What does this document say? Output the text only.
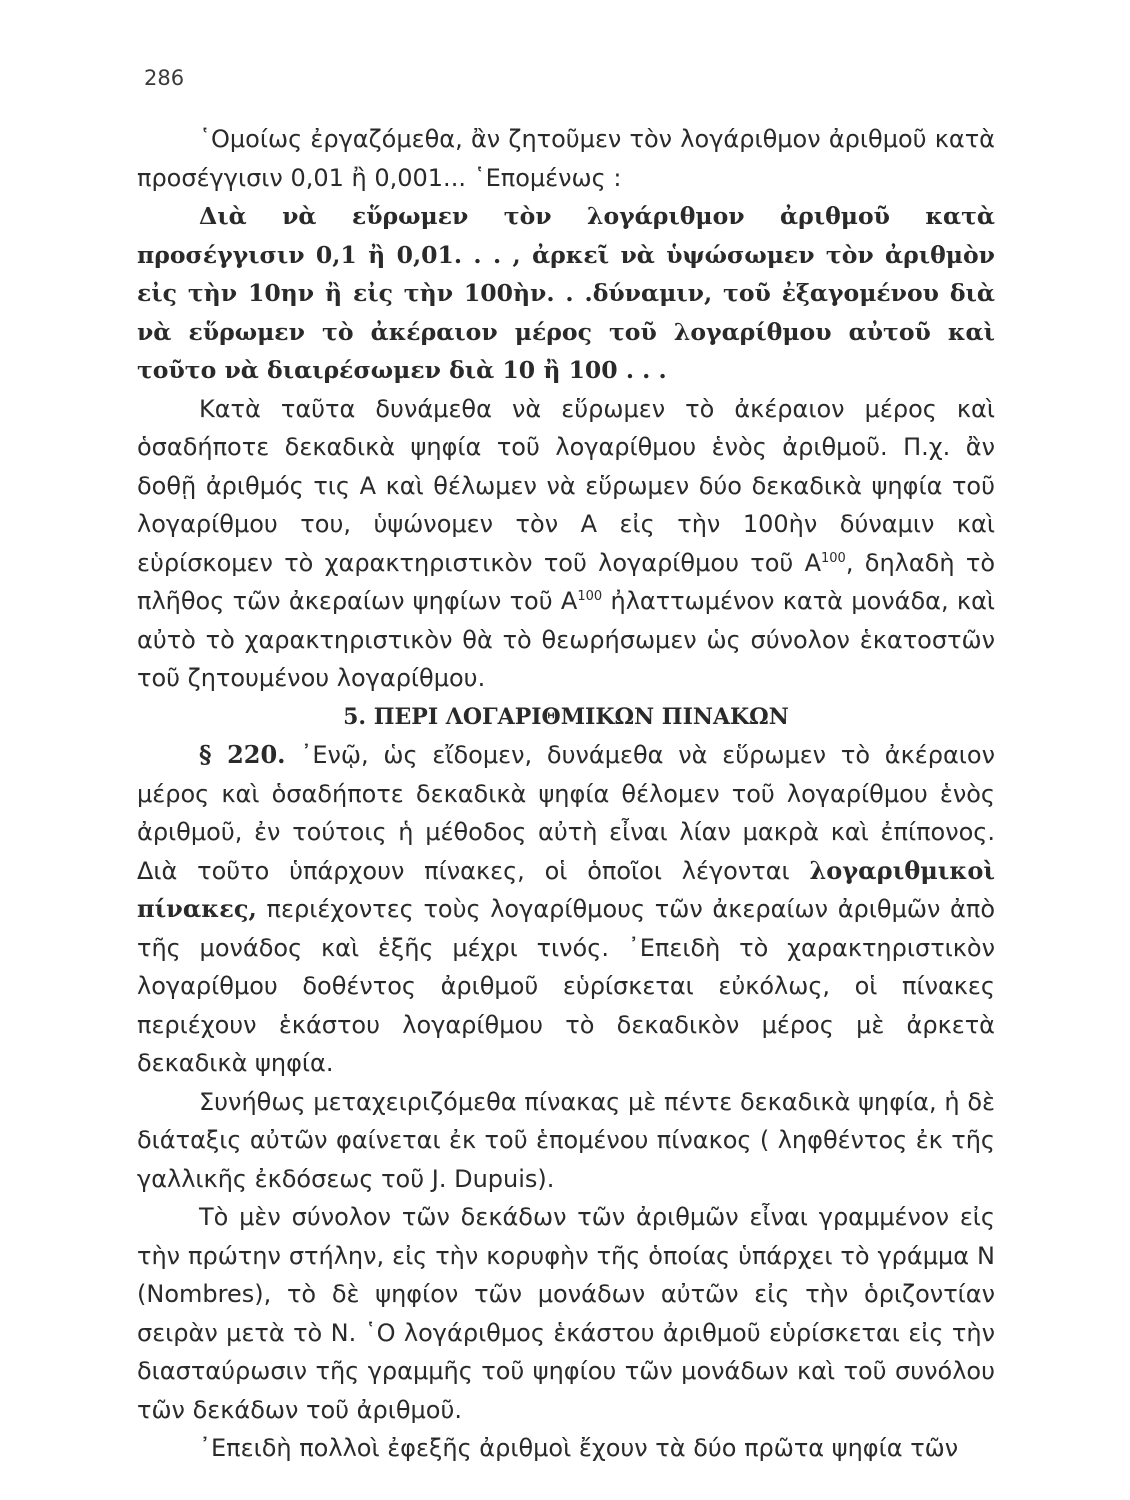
286

῾Ομοίως ἐργαζόμεθα, ἂν ζητοῦμεν τὸν λογάριθμον ἀριθμοῦ κατὰ προσέγγισιν 0,01 ἢ 0,001... ῾Επομένως :

Διὰ νὰ εὕρωμεν τὸν λογάριθμον ἀριθμοῦ κατὰ προσέγγισιν 0,1 ἢ 0,01. . . , ἀρκεῖ νὰ ὑψώσωμεν τὸν ἀριθμὸν εἰς τὴν 10ην ἢ εἰς τὴν 100ὴν. . .δύναμιν, τοῦ ἐξαγομένου διὰ νὰ εὕρωμεν τὸ ἀκέραιον μέρος τοῦ λογαρίθμου αὐτοῦ καὶ τοῦτο νὰ διαιρέσωμεν διὰ 10 ἢ 100 . . .

Κατὰ ταῦτα δυνάμεθα νὰ εὕρωμεν τὸ ἀκέραιον μέρος καὶ ὁσαδήποτε δεκαδικὰ ψηφία τοῦ λογαρίθμου ἑνὸς ἀριθμοῦ. Π.χ. ἂν δοθῇ ἀριθμός τις Α καὶ θέλωμεν νὰ εὕρωμεν δύο δεκαδικὰ ψηφία τοῦ λογαρίθμου του, ὑψώνομεν τὸν Α εἰς τὴν 100ὴν δύναμιν καὶ εὑρίσκομεν τὸ χαρακτηριστικὸν τοῦ λογαρίθμου τοῦ $A^{100}$, δηλαδὴ τὸ πλῆθος τῶν ἀκεραίων ψηφίων τοῦ $A^{100}$ ἠλαττωμένον κατὰ μονάδα, καὶ αὐτὸ τὸ χαρακτηριστικὸν θὰ τὸ θεωρήσωμεν ὡς σύνολον ἑκατοστῶν τοῦ ζητουμένου λογαρίθμου.

5. ΠΕΡΙ ΛΟΓΑΡΙΘΜΙΚΩΝ ΠΙΝΑΚΩΝ

§ 220. ᾿Ενῷ, ὡς εἴδομεν, δυνάμεθα νὰ εὕρωμεν τὸ ἀκέραιον μέρος καὶ ὁσαδήποτε δεκαδικὰ ψηφία θέλομεν τοῦ λογαρίθμου ἑνὸς ἀριθμοῦ, ἐν τούτοις ἡ μέθοδος αὐτὴ εἶναι λίαν μακρὰ καὶ ἐπίπονος. Διὰ τοῦτο ὑπάρχουν πίνακες, οἱ ὁποῖοι λέγονται λογαριθμικοὶ πίνακες, περιέχοντες τοὺς λογαρίθμους τῶν ἀκεραίων ἀριθμῶν ἀπὸ τῆς μονάδος καὶ ἑξῆς μέχρι τινός. ᾿Επειδὴ τὸ χαρακτηριστικὸν λογαρίθμου δοθέντος ἀριθμοῦ εὑρίσκεται εὐκόλως, οἱ πίνακες περιέχουν ἑκάστου λογαρίθμου τὸ δεκαδικὸν μέρος μὲ ἀρκετὰ δεκαδικὰ ψηφία.

Συνήθως μεταχειριζόμεθα πίνακας μὲ πέντε δεκαδικὰ ψηφία, ἡ δὲ διάταξις αὐτῶν φαίνεται ἐκ τοῦ ἑπομένου πίνακος ( ληφθέντος ἐκ τῆς γαλλικῆς ἐκδόσεως τοῦ J. Dupuis).

Τὸ μὲν σύνολον τῶν δεκάδων τῶν ἀριθμῶν εἶναι γραμμένον εἰς τὴν πρώτην στήλην, εἰς τὴν κορυφὴν τῆς ὁποίας ὑπάρχει τὸ γράμμα N (Nombres), τὸ δὲ ψηφίον τῶν μονάδων αὐτῶν εἰς τὴν ὁριζοντίαν σειρὰν μετὰ τὸ N. ῾Ο λογάριθμος ἑκάστου ἀριθμοῦ εὑρίσκεται εἰς τὴν διασταύρωσιν τῆς γραμμῆς τοῦ ψηφίου τῶν μονάδων καὶ τοῦ συνόλου τῶν δεκάδων τοῦ ἀριθμοῦ.

᾿Επειδὴ πολλοὶ ἐφεξῆς ἀριθμοὶ ἔχουν τὰ δύο πρῶτα ψηφία τῶν
